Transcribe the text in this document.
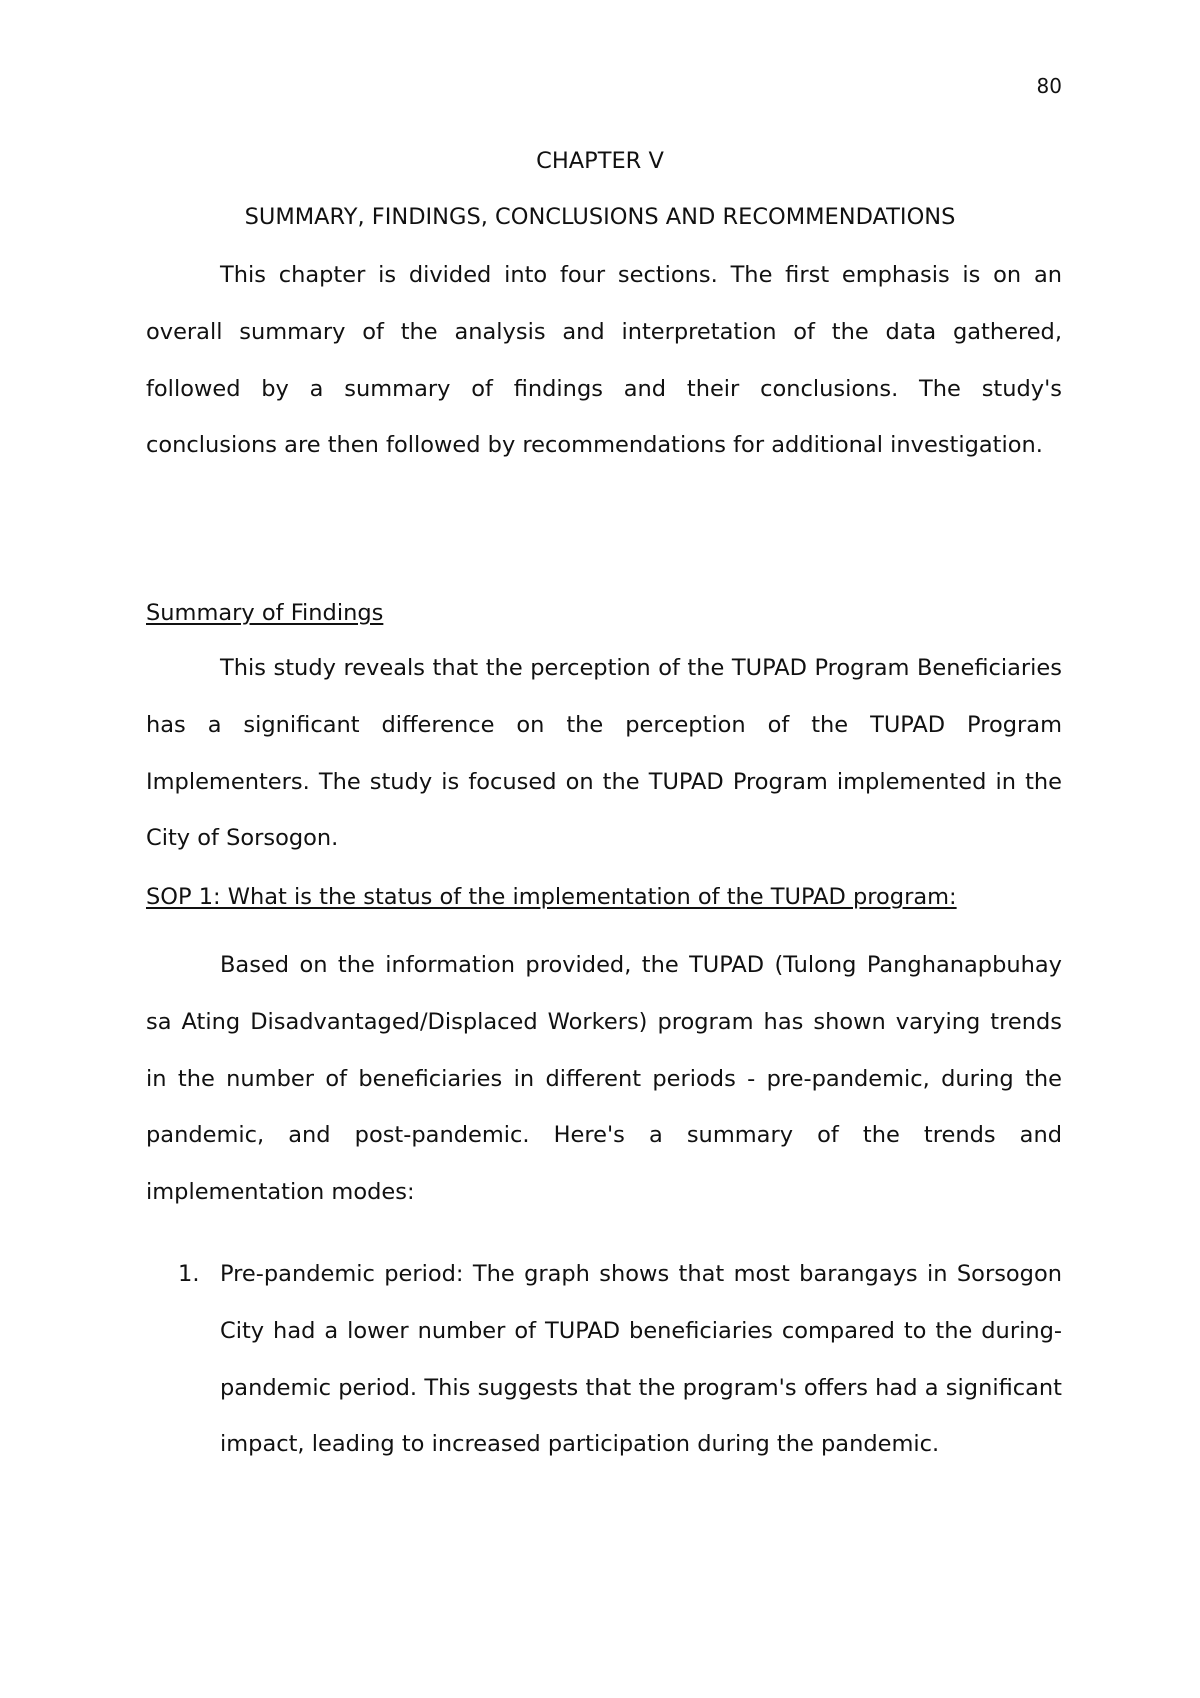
80
CHAPTER V
SUMMARY, FINDINGS, CONCLUSIONS AND RECOMMENDATIONS

This chapter is divided into four sections. The first emphasis is on an overall summary of the analysis and interpretation of the data gathered, followed by a summary of findings and their conclusions. The study's conclusions are then followed by recommendations for additional investigation.

Summary of Findings

This study reveals that the perception of the TUPAD Program Beneficiaries has a significant difference on the perception of the TUPAD Program Implementers. The study is focused on the TUPAD Program implemented in the City of Sorsogon.

SOP 1: What is the status of the implementation of the TUPAD program:

Based on the information provided, the TUPAD (Tulong Panghanapbuhay sa Ating Disadvantaged/Displaced Workers) program has shown varying trends in the number of beneficiaries in different periods - pre-pandemic, during the pandemic, and post-pandemic. Here's a summary of the trends and implementation modes:

1. Pre-pandemic period: The graph shows that most barangays in Sorsogon City had a lower number of TUPAD beneficiaries compared to the during-pandemic period. This suggests that the program's offers had a significant impact, leading to increased participation during the pandemic.
